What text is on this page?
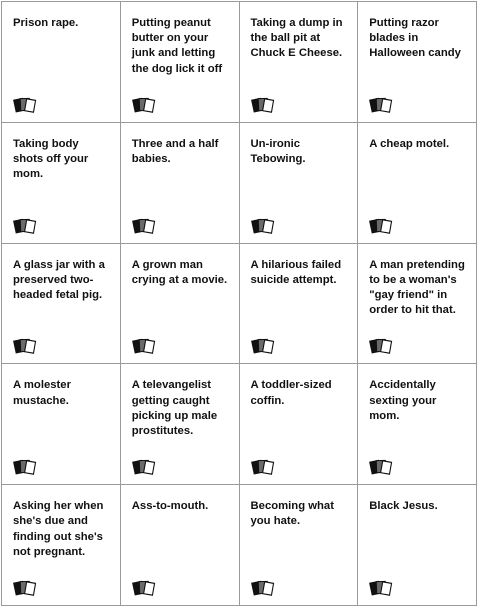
Prison rape.	Putting peanut butter on your junk and letting the dog lick it off
Taking a dump in the ball pit at Chuck E Cheese.
Putting razor blades in Halloween candy
Taking body shots off your mom.
Three and a half babies.
Un-ironic Tebowing.
A cheap motel.
A glass jar with a preserved two-headed fetal pig.
A grown man crying at a movie.
A hilarious failed suicide attempt.
A man pretending to be a woman's "gay friend" in order to hit that.
A molester mustache.
A televangelist getting caught picking up male prostitutes.
A toddler-sized coffin.
Accidentally sexting your mom.
Asking her when she's due and finding out she's not pregnant.
Ass-to-mouth.	Becoming what you hate.
Black Jesus.
